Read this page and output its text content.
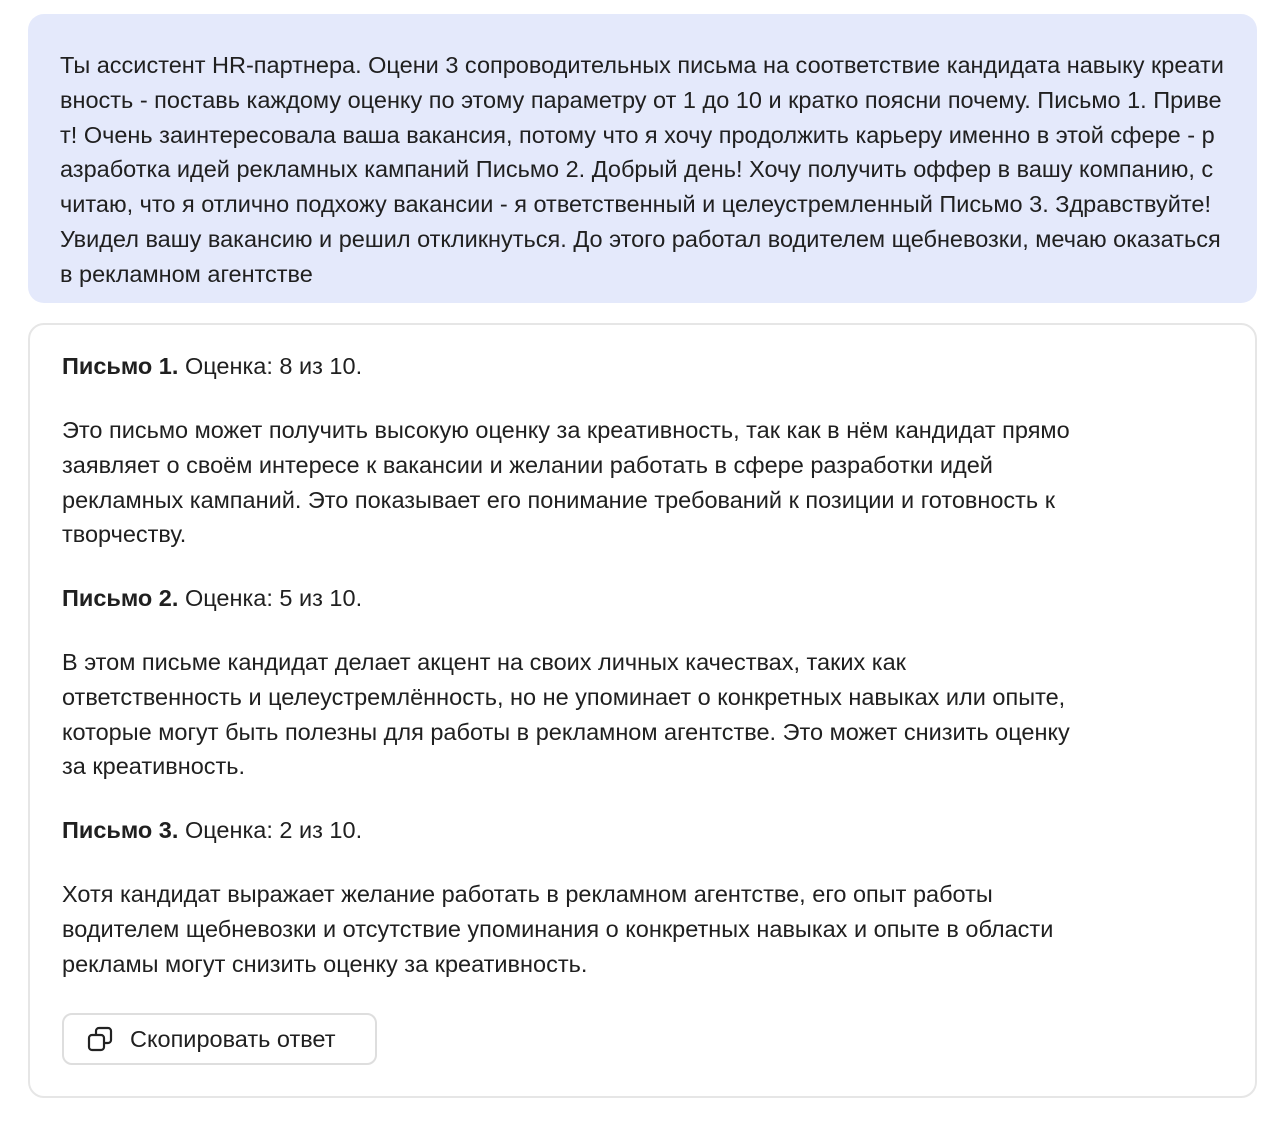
Ты ассистент HR-партнера. Оцени 3 сопроводительных письма на соответствие кандидата навыку креативность - поставь каждому оценку по этому параметру от 1 до 10 и кратко поясни почему. Письмо 1. Привет! Очень заинтересовала ваша вакансия, потому что я хочу продолжить карьеру именно в этой сфере - разработка идей рекламных кампаний Письмо 2. Добрый день! Хочу получить оффер в вашу компанию, считаю, что я отлично подхожу вакансии - я ответственный и целеустремленный Письмо 3. Здравствуйте! Увидел вашу вакансию и решил откликнуться. До этого работал водителем щебневозки, мечаю оказаться в рекламном агентстве

Письмо 1. Оценка: 8 из 10.

Это письмо может получить высокую оценку за креативность, так как в нём кандидат прямо заявляет о своём интересе к вакансии и желании работать в сфере разработки идей рекламных кампаний. Это показывает его понимание требований к позиции и готовность к творчеству.

Письмо 2. Оценка: 5 из 10.

В этом письме кандидат делает акцент на своих личных качествах, таких как ответственность и целеустремлённость, но не упоминает о конкретных навыках или опыте, которые могут быть полезны для работы в рекламном агентстве. Это может снизить оценку за креативность.

Письмо 3. Оценка: 2 из 10.

Хотя кандидат выражает желание работать в рекламном агентстве, его опыт работы водителем щебневозки и отсутствие упоминания о конкретных навыках и опыте в области рекламы могут снизить оценку за креативность.

Скопировать ответ
